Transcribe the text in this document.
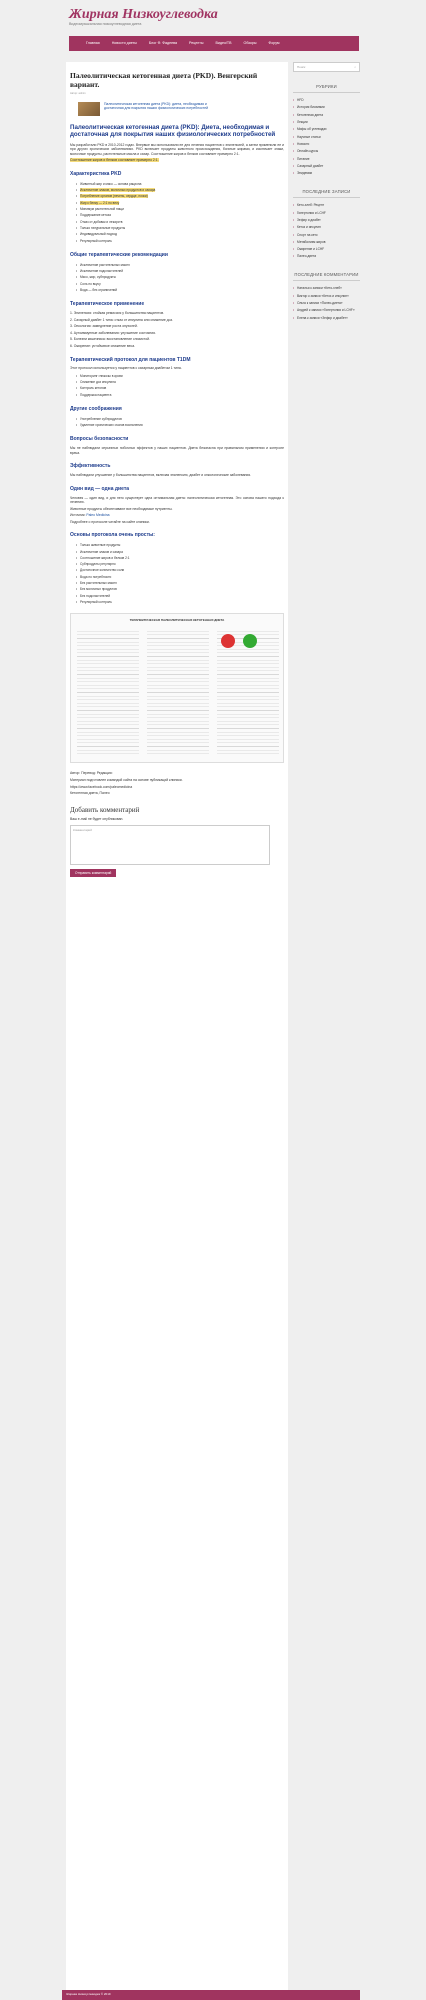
Жирная Низкоуглеводка
Видеомузыкальная низкоуглеводная диета
Главная	Новости диеты	Блог Ф. Фадеева	Рецепты	Видео/ТВ	Обзоры	Форум
Палеолитическая кетогенная диета (PKD). Венгерский вариант.
Автор: admin
Палеолитическая кетогенная диета (PKD): диета, необходимая и достаточная для покрытия наших физиологических потребностей
Палеолитическая кетогенная диета (PKD): Диета, необходимая и достаточная для покрытия наших физиологических потребностей

Мы разработали PKD в 2010-2012 годах. Впервые мы использовали ее для лечения пациентов с эпилепсией, а затем применили ее и при других хронических заболеваниях. PKD включает продукты животного происхождения, богатые жирами, и исключает злаки, молочные продукты, растительные масла и сахар. Соотношение жиров и белков составляет примерно 2:1.

Соотношение жиров и белков составляет примерно 2:1.

Характеристика PKD
• Животный жир и мясо — основа рациона
• Исключение злаков, молочных продуктов и сахара
• Потребление органов (печень, сердце, почки)
• Жир к белку — 2:1 по весу
• Минимум растительной пищи
• Поддержание кетоза
• Отказ от добавок и лекарств
• Только натуральные продукты
• Индивидуальный подход
• Регулярный контроль
Общие терапевтические рекомендации
• Исключение растительных масел
• Исключение подсластителей
• Мясо, жир, субпродукты
• Соль по вкусу
• Вода — без ограничений
Терапевтическое применение

1. Эпилепсия: стойкая ремиссия у большинства пациентов.

2. Сахарный диабет 1 типа: отказ от инсулина или снижение доз.

3. Онкология: замедление роста опухолей.

4. Аутоиммунные заболевания: улучшение состояния.

5. Болезни кишечника: восстановление слизистой.

6. Ожирение: устойчивое снижение веса.

Терапевтический протокол для пациентов T1DM

Этот протокол используется у пациентов с сахарным диабетом 1 типа.

• Мониторинг глюкозы в крови
• Снижение доз инсулина
• Контроль кетонов
• Поддержка пациента
Другие соображения
• Употребление субпродуктов
• Удаление хронических очагов воспаления
Вопросы безопасности

Мы не наблюдали серьезных побочных эффектов у наших пациентов. Диета безопасна при правильном применении и контроле врача.

Эффективность

Мы наблюдали улучшение у большинства пациентов, включая эпилепсию, диабет и онкологические заболевания.

Один вид — одна диета

Человек — один вид, и для него существует одна оптимальная диета: палеолитическая кетогенная. Это основа нашего подхода к лечению.

Животные продукты обеспечивают все необходимые нутриенты.

Источник: Paleo Medicina

Подробнее о протоколе читайте на сайте клиники.

Основы протокола очень просты:
• Только животные продукты
• Исключение злаков и сахара
• Соотношение жиров и белков 2:1
• Субпродукты регулярно
• Достаточное количество соли
• Вода по потребности
• Без растительных масел
• Без молочных продуктов
• Без подсластителей
• Регулярный контроль
ТЕРАПЕВТИЧЕСКАЯ ПАЛЕОЛИТИЧЕСКАЯ КЕТОГЕННАЯ ДИЕТА

Автор: Перевод: Редакция:

Материал подготовлен командой сайта на основе публикаций клиники.

https://www.facebook.com/paleomedicina

Кетогенная диета, Палео

Добавить комментарий

Ваш e-mail не будет опубликован.

Комментарий
Отправить комментарий
Поиск	⌕
РУБРИКИ
• HFD
• История биохимии
• Кетогенная диета
• Лекции
• Мифы об углеводах
• Научные статьи
• Новости
• Онлайн-курсы
• Питание
• Сахарный диабет
• Эпидемии
ПОСЛЕДНИЕ ЗАПИСИ
• Кето-хлеб: Рецепт
• Гипертония и LCHF
• Зефир и диабет
• Кетоз и инсулин
• Спорт на кето
• Метаболизм жиров
• Ожирение и LCHF
• Палео-диета
ПОСЛЕДНИЕ КОММЕНТАРИИ
• Наталья к записи «Кето-хлеб»
• Виктор к записи «Кетоз и инсулин»
• Ольга к записи «Палео-диета»
• Андрей к записи «Гипертония и LCHF»
• Елена к записи «Зефир и диабет»
Жирная Низкоуглеводка © 2019
